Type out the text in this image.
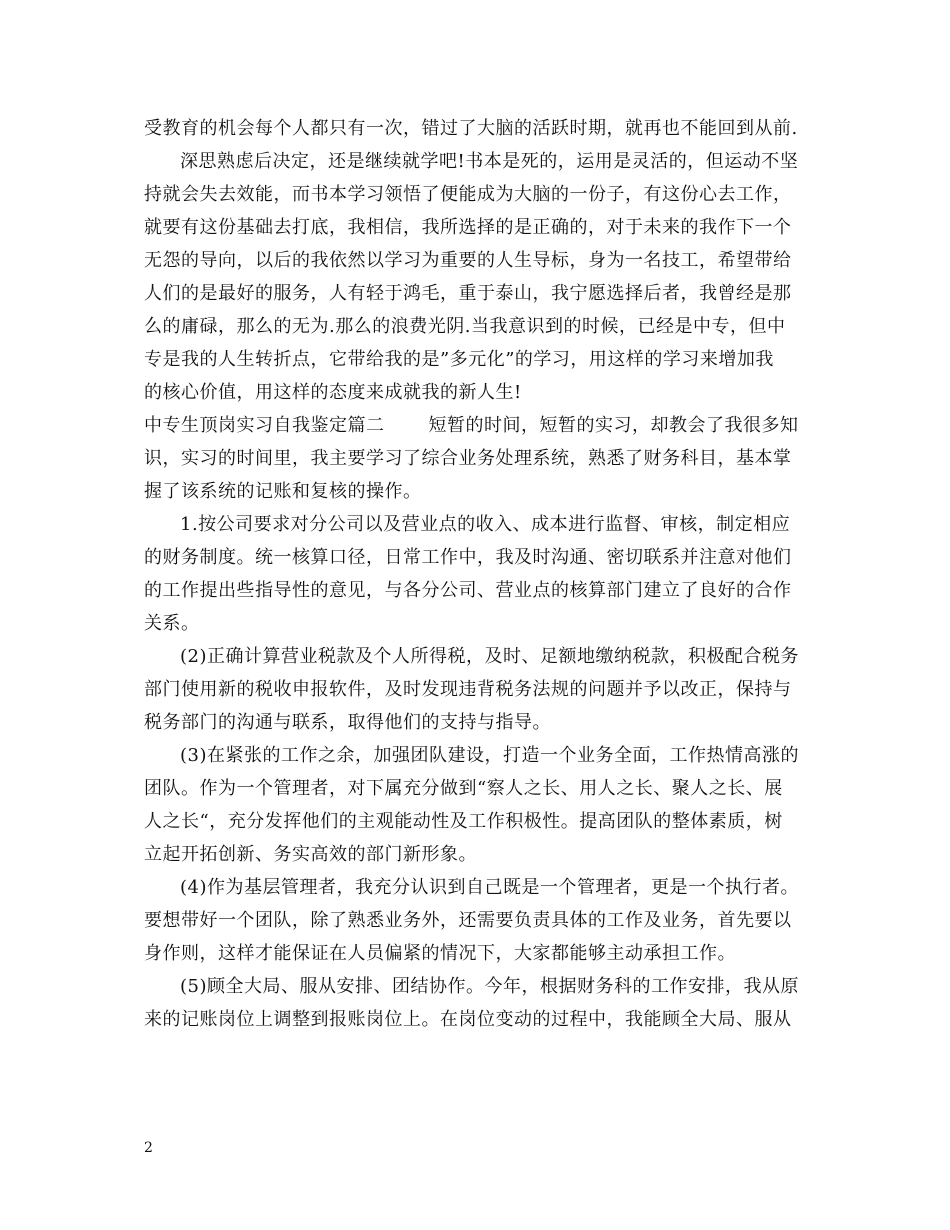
受教育的机会每个人都只有一次，错过了大脑的活跃时期，就再也不能回到从前.
深思熟虑后决定，还是继续就学吧!书本是死的，运用是灵活的，但运动不坚
持就会失去效能，而书本学习领悟了便能成为大脑的一份子，有这份心去工作，
就要有这份基础去打底，我相信，我所选择的是正确的，对于未来的我作下一个
无怨的导向，以后的我依然以学习为重要的人生导标，身为一名技工，希望带给
人们的是最好的服务，人有轻于鸿毛，重于泰山，我宁愿选择后者，我曾经是那
么的庸碌，那么的无为.那么的浪费光阴.当我意识到的时候，已经是中专，但中
专是我的人生转折点，它带给我的是”多元化”的学习，用这样的学习来增加我
的核心价值，用这样的态度来成就我的新人生!
中专生顶岗实习自我鉴定篇二 短暂的时间，短暂的实习，却教会了我很多知
识，实习的时间里，我主要学习了综合业务处理系统，熟悉了财务科目，基本掌
握了该系统的记账和复核的操作。
1.按公司要求对分公司以及营业点的收入、成本进行监督、审核，制定相应
的财务制度。统一核算口径，日常工作中，我及时沟通、密切联系并注意对他们
的工作提出些指导性的意见，与各分公司、营业点的核算部门建立了良好的合作
关系。
(2)正确计算营业税款及个人所得税，及时、足额地缴纳税款，积极配合税务
部门使用新的税收申报软件，及时发现违背税务法规的问题并予以改正，保持与
税务部门的沟通与联系，取得他们的支持与指导。
(3)在紧张的工作之余，加强团队建设，打造一个业务全面，工作热情高涨的
团队。作为一个管理者，对下属充分做到“察人之长、用人之长、聚人之长、展
人之长“，充分发挥他们的主观能动性及工作积极性。提高团队的整体素质，树
立起开拓创新、务实高效的部门新形象。
(4)作为基层管理者，我充分认识到自己既是一个管理者，更是一个执行者。
要想带好一个团队，除了熟悉业务外，还需要负责具体的工作及业务，首先要以
身作则，这样才能保证在人员偏紧的情况下，大家都能够主动承担工作。
(5)顾全大局、服从安排、团结协作。今年，根据财务科的工作安排，我从原
来的记账岗位上调整到报账岗位上。在岗位变动的过程中，我能顾全大局、服从
2
